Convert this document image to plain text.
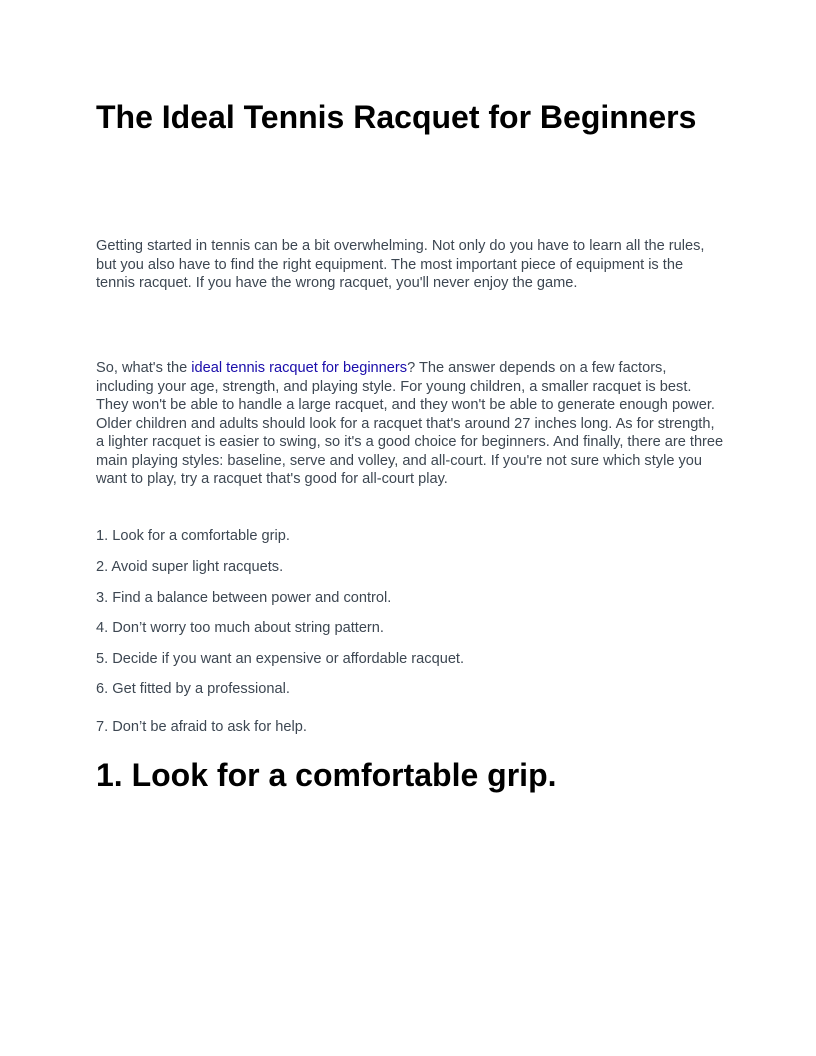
The Ideal Tennis Racquet for Beginners

Getting started in tennis can be a bit overwhelming. Not only do you have to learn all the rules, but you also have to find the right equipment. The most important piece of equipment is the tennis racquet. If you have the wrong racquet, you'll never enjoy the game.

So, what's the ideal tennis racquet for beginners? The answer depends on a few factors, including your age, strength, and playing style. For young children, a smaller racquet is best. They won't be able to handle a large racquet, and they won't be able to generate enough power. Older children and adults should look for a racquet that's around 27 inches long. As for strength, a lighter racquet is easier to swing, so it's a good choice for beginners. And finally, there are three main playing styles: baseline, serve and volley, and all-court. If you're not sure which style you want to play, try a racquet that's good for all-court play.

1. Look for a comfortable grip.

2. Avoid super light racquets.

3. Find a balance between power and control.

4. Don’t worry too much about string pattern.

5. Decide if you want an expensive or affordable racquet.

6. Get fitted by a professional.

7. Don’t be afraid to ask for help.

1. Look for a comfortable grip.
